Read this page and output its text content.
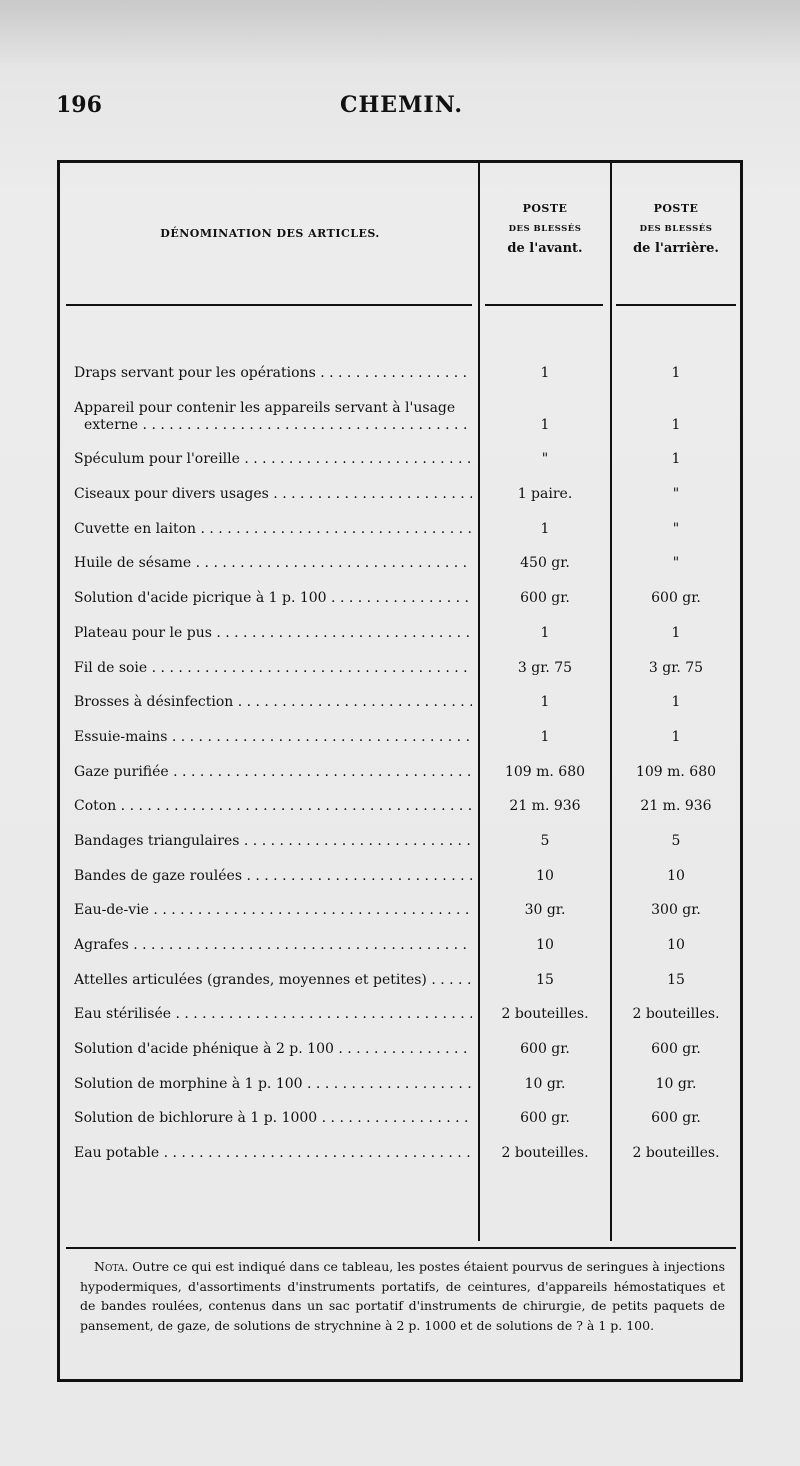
196	CHEMIN.
DÉNOMINATION DES ARTICLES.
POSTE
DES BLESSÉS
de l'avant.
POSTE
DES BLESSÉS
de l'arrière.
Draps servant pour les opérations . . .	1	1
Appareil pour contenir les appareils servant à l'usage
externe . . .	1	1
Spéculum pour l'oreille . . .	"	1
Ciseaux pour divers usages . . .	1 paire.	"
Cuvette en laiton . . .	1	"
Huile de sésame . . .	450 gr.	"
Solution d'acide picrique à 1 p. 100 . . .	600 gr.	600 gr.
Plateau pour le pus . . .	1	1
Fil de soie . . .	3 gr. 75	3 gr. 75
Brosses à désinfection . . .	1	1
Essuie-mains . . .	1	1
Gaze purifiée . . .	109 m. 680	109 m. 680
Coton . . .	21 m. 936	21 m. 936
Bandages triangulaires . . .	5	5
Bandes de gaze roulées . . .	10	10
Eau-de-vie . . .	30 gr.	300 gr.
Agrafes . . .	10	10
Attelles articulées (grandes, moyennes et petites) . . .	15	15
Eau stérilisée . . .	2 bouteilles.	2 bouteilles.
Solution d'acide phénique à 2 p. 100 . . .	600 gr.	600 gr.
Solution de morphine à 1 p. 100 . . .	10 gr.	10 gr.
Solution de bichlorure à 1 p. 1000 . . .	600 gr.	600 gr.
Eau potable . . .	2 bouteilles.	2 bouteilles.
Nota. Outre ce qui est indiqué dans ce tableau, les postes étaient pourvus de seringues à injections hypodermiques, d'assortiments d'instruments portatifs, de ceintures, d'appareils hémostatiques et de bandes roulées, contenus dans un sac portatif d'instruments de chirurgie, de petits paquets de pansement, de gaze, de solutions de strychnine à 2 p. 1000 et de solutions de ? à 1 p. 100.
